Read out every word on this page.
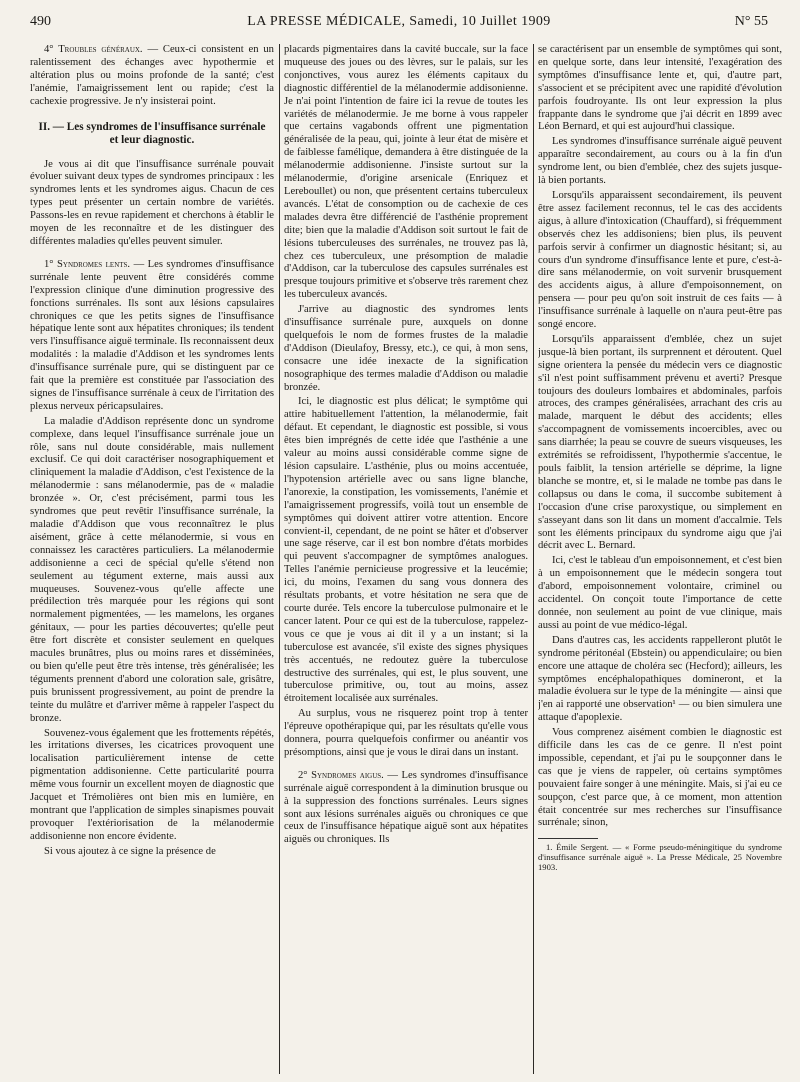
490	LA PRESSE MÉDICALE, Samedi, 10 Juillet 1909	N° 55

4° Troubles généraux. — Ceux-ci consistent en un ralentissement des échanges avec hypothermie et altération plus ou moins profonde de la santé; c'est l'anémie, l'amaigrissement lent ou rapide; c'est la cachexie progressive. Je n'y insisterai point.

II. — Les syndromes de l'insuffisance surrénale et leur diagnostic.

Je vous ai dit que l'insuffisance surrénale pouvait évoluer suivant deux types de syndromes principaux : les syndromes lents et les syndromes aigus. Chacun de ces types peut présenter un certain nombre de variétés. Passons-les en revue rapidement et cherchons à établir le moyen de les reconnaître et de les distinguer des différentes maladies qu'elles peuvent simuler.

1° Syndromes lents. — Les syndromes d'insuffisance surrénale lente peuvent être considérés comme l'expression clinique d'une diminution progressive des fonctions surrénales. Ils sont aux lésions capsulaires chroniques ce que les petits signes de l'insuffisance hépatique lente sont aux hépatites chroniques; ils tendent vers l'insuffisance aiguë terminale. Ils reconnaissent deux modalités : la maladie d'Addison et les syndromes lents d'insuffisance surrénale pure, qui se distinguent par ce fait que la première est constituée par l'association des signes de l'insuffisance surrénale à ceux de l'irritation des plexus nerveux péricapsulaires.

La maladie d'Addison représente donc un syndrome complexe, dans lequel l'insuffisance surrénale joue un rôle, sans nul doute considérable, mais nullement exclusif. Ce qui doit caractériser nosographiquement et cliniquement la maladie d'Addison, c'est l'existence de la mélanodermie : sans mélanodermie, pas de « maladie bronzée ». Or, c'est précisément, parmi tous les syndromes que peut revêtir l'insuffisance surrénale, la maladie d'Addison que vous reconnaîtrez le plus aisément, grâce à cette mélanodermie, si vous en connaissez les caractères particuliers. La mélanodermie addisonienne a ceci de spécial qu'elle s'étend non seulement au tégument externe, mais aussi aux muqueuses. Souvenez-vous qu'elle affecte une prédilection très marquée pour les régions qui sont normalement pigmentées, — les mamelons, les organes génitaux, — pour les parties découvertes; qu'elle peut être fort discrète et consister seulement en quelques macules brunâtres, plus ou moins rares et disséminées, ou bien qu'elle peut être très intense, très généralisée; les téguments prennent d'abord une coloration sale, grisâtre, puis brunissent progressivement, au point de prendre la teinte du mulâtre et d'arriver même à rappeler l'aspect du bronze.

Souvenez-vous également que les frottements répétés, les irritations diverses, les cicatrices provoquent une localisation particulièrement intense de cette pigmentation addisonienne. Cette particularité pourra même vous fournir un excellent moyen de diagnostic que Jacquet et Trémolières ont bien mis en lumière, en montrant que l'application de simples sinapismes pouvait provoquer l'extériorisation de la mélanodermie addisonienne non encore évidente.

Si vous ajoutez à ce signe la présence de

placards pigmentaires dans la cavité buccale, sur la face muqueuse des joues ou des lèvres, sur le palais, sur les conjonctives, vous aurez les éléments capitaux du diagnostic différentiel de la mélanodermie addisonienne. Je n'ai point l'intention de faire ici la revue de toutes les variétés de mélanodermie. Je me borne à vous rappeler que certains vagabonds offrent une pigmentation généralisée de la peau, qui, jointe à leur état de misère et de faiblesse famélique, demandera à être distinguée de la mélanodermie addisonienne. J'insiste surtout sur la mélanodermie, d'origine arsenicale (Enriquez et Lereboullet) ou non, que présentent certains tuberculeux avancés. L'état de consomption ou de cachexie de ces malades devra être différencié de l'asthénie proprement dite; bien que la maladie d'Addison soit surtout le fait de lésions tuberculeuses des surrénales, ne trouvez pas là, chez ces tuberculeux, une présomption de maladie d'Addison, car la tuberculose des capsules surrénales est presque toujours primitive et s'observe très rarement chez les tuberculeux avancés.

J'arrive au diagnostic des syndromes lents d'insuffisance surrénale pure, auxquels on donne quelquefois le nom de formes frustes de la maladie d'Addison (Dieulafoy, Bressy, etc.), ce qui, à mon sens, consacre une idée inexacte de la signification nosographique des termes maladie d'Addison ou maladie bronzée.

Ici, le diagnostic est plus délicat; le symptôme qui attire habituellement l'attention, la mélanodermie, fait défaut. Et cependant, le diagnostic est possible, si vous êtes bien imprégnés de cette idée que l'asthénie a une valeur au moins aussi considérable comme signe de lésion capsulaire. L'asthénie, plus ou moins accentuée, l'hypotension artérielle avec ou sans ligne blanche, l'anorexie, la constipation, les vomissements, l'anémie et l'amaigrissement progressifs, voilà tout un ensemble de symptômes qui doivent attirer votre attention. Encore convient-il, cependant, de ne point se hâter et d'observer une sage réserve, car il est bon nombre d'états morbides qui peuvent s'accompagner de symptômes analogues. Telles l'anémie pernicieuse progressive et la leucémie; ici, du moins, l'examen du sang vous donnera des résultats probants, et votre hésitation ne sera que de courte durée. Tels encore la tuberculose pulmonaire et le cancer latent. Pour ce qui est de la tuberculose, rappelez-vous ce que je vous ai dit il y a un instant; si la tuberculose est avancée, s'il existe des signes physiques très accentués, ne redoutez guère la tuberculose destructive des surrénales, qui est, le plus souvent, une tuberculose primitive, ou, tout au moins, assez étroitement localisée aux surrénales.

Au surplus, vous ne risquerez point trop à tenter l'épreuve opothérapique qui, par les résultats qu'elle vous donnera, pourra quelquefois confirmer ou anéantir vos présomptions, ainsi que je vous le dirai dans un instant.

2° Syndromes aigus. — Les syndromes d'insuffisance surrénale aiguë correspondent à la diminution brusque ou à la suppression des fonctions surrénales. Leurs signes sont aux lésions surrénales aiguës ou chroniques ce que ceux de l'insuffisance hépatique aiguë sont aux hépatites aiguës ou chroniques. Ils

se caractérisent par un ensemble de symptômes qui sont, en quelque sorte, dans leur intensité, l'exagération des symptômes d'insuffisance lente et, qui, d'autre part, s'associent et se précipitent avec une rapidité d'évolution parfois foudroyante. Ils ont leur expression la plus frappante dans le syndrome que j'ai décrit en 1899 avec Léon Bernard, et qui est aujourd'hui classique.

Les syndromes d'insuffisance surrénale aiguë peuvent apparaître secondairement, au cours ou à la fin d'un syndrome lent, ou bien d'emblée, chez des sujets jusque-là bien portants.

Lorsqu'ils apparaissent secondairement, ils peuvent être assez facilement reconnus, tel le cas des accidents aigus, à allure d'intoxication (Chauffard), si fréquemment observés chez les addisoniens; bien plus, ils peuvent parfois servir à confirmer un diagnostic hésitant; si, au cours d'un syndrome d'insuffisance lente et pure, c'est-à-dire sans mélanodermie, on voit survenir brusquement des accidents aigus, à allure d'empoisonnement, on pensera — pour peu qu'on soit instruit de ces faits — à l'insuffisance surrénale à laquelle on n'aura peut-être pas songé encore.

Lorsqu'ils apparaissent d'emblée, chez un sujet jusque-là bien portant, ils surprennent et déroutent. Quel signe orientera la pensée du médecin vers ce diagnostic s'il n'est point suffisamment prévenu et averti? Presque toujours des douleurs lombaires et abdominales, parfois atroces, des crampes généralisées, arrachant des cris au malade, marquent le début des accidents; elles s'accompagnent de vomissements incoercibles, avec ou sans diarrhée; la peau se couvre de sueurs visqueuses, les extrémités se refroidissent, l'hypothermie s'accentue, le pouls faiblit, la tension artérielle se déprime, la ligne blanche se montre, et, si le malade ne tombe pas dans le collapsus ou dans le coma, il succombe subitement à l'occasion d'une crise paroxystique, ou simplement en s'asseyant dans son lit dans un moment d'accalmie. Tels sont les éléments principaux du syndrome aigu que j'ai décrit avec L. Bernard.

Ici, c'est le tableau d'un empoisonnement, et c'est bien à un empoisonnement que le médecin songera tout d'abord, empoisonnement volontaire, criminel ou accidentel. On conçoit toute l'importance de cette donnée, non seulement au point de vue clinique, mais aussi au point de vue médico-légal.

Dans d'autres cas, les accidents rappelleront plutôt le syndrome péritonéal (Ebstein) ou appendiculaire; ou bien encore une attaque de choléra sec (Hecford); ailleurs, les symptômes encéphalopathiques domineront, et la maladie évoluera sur le type de la méningite — ainsi que j'en ai rapporté une observation¹ — ou bien simulera une attaque d'apoplexie.

Vous comprenez aisément combien le diagnostic est difficile dans les cas de ce genre. Il n'est point impossible, cependant, et j'ai pu le soupçonner dans le cas que je viens de rappeler, où certains symptômes pouvaient faire songer à une méningite. Mais, si j'ai eu ce soupçon, c'est parce que, à ce moment, mon attention était concentrée sur mes recherches sur l'insuffisance surrénale; sinon,

1. Émile Sergent. — « Forme pseudo-méningitique du syndrome d'insuffisance surrénale aiguë ». La Presse Médicale, 25 Novembre 1903.
